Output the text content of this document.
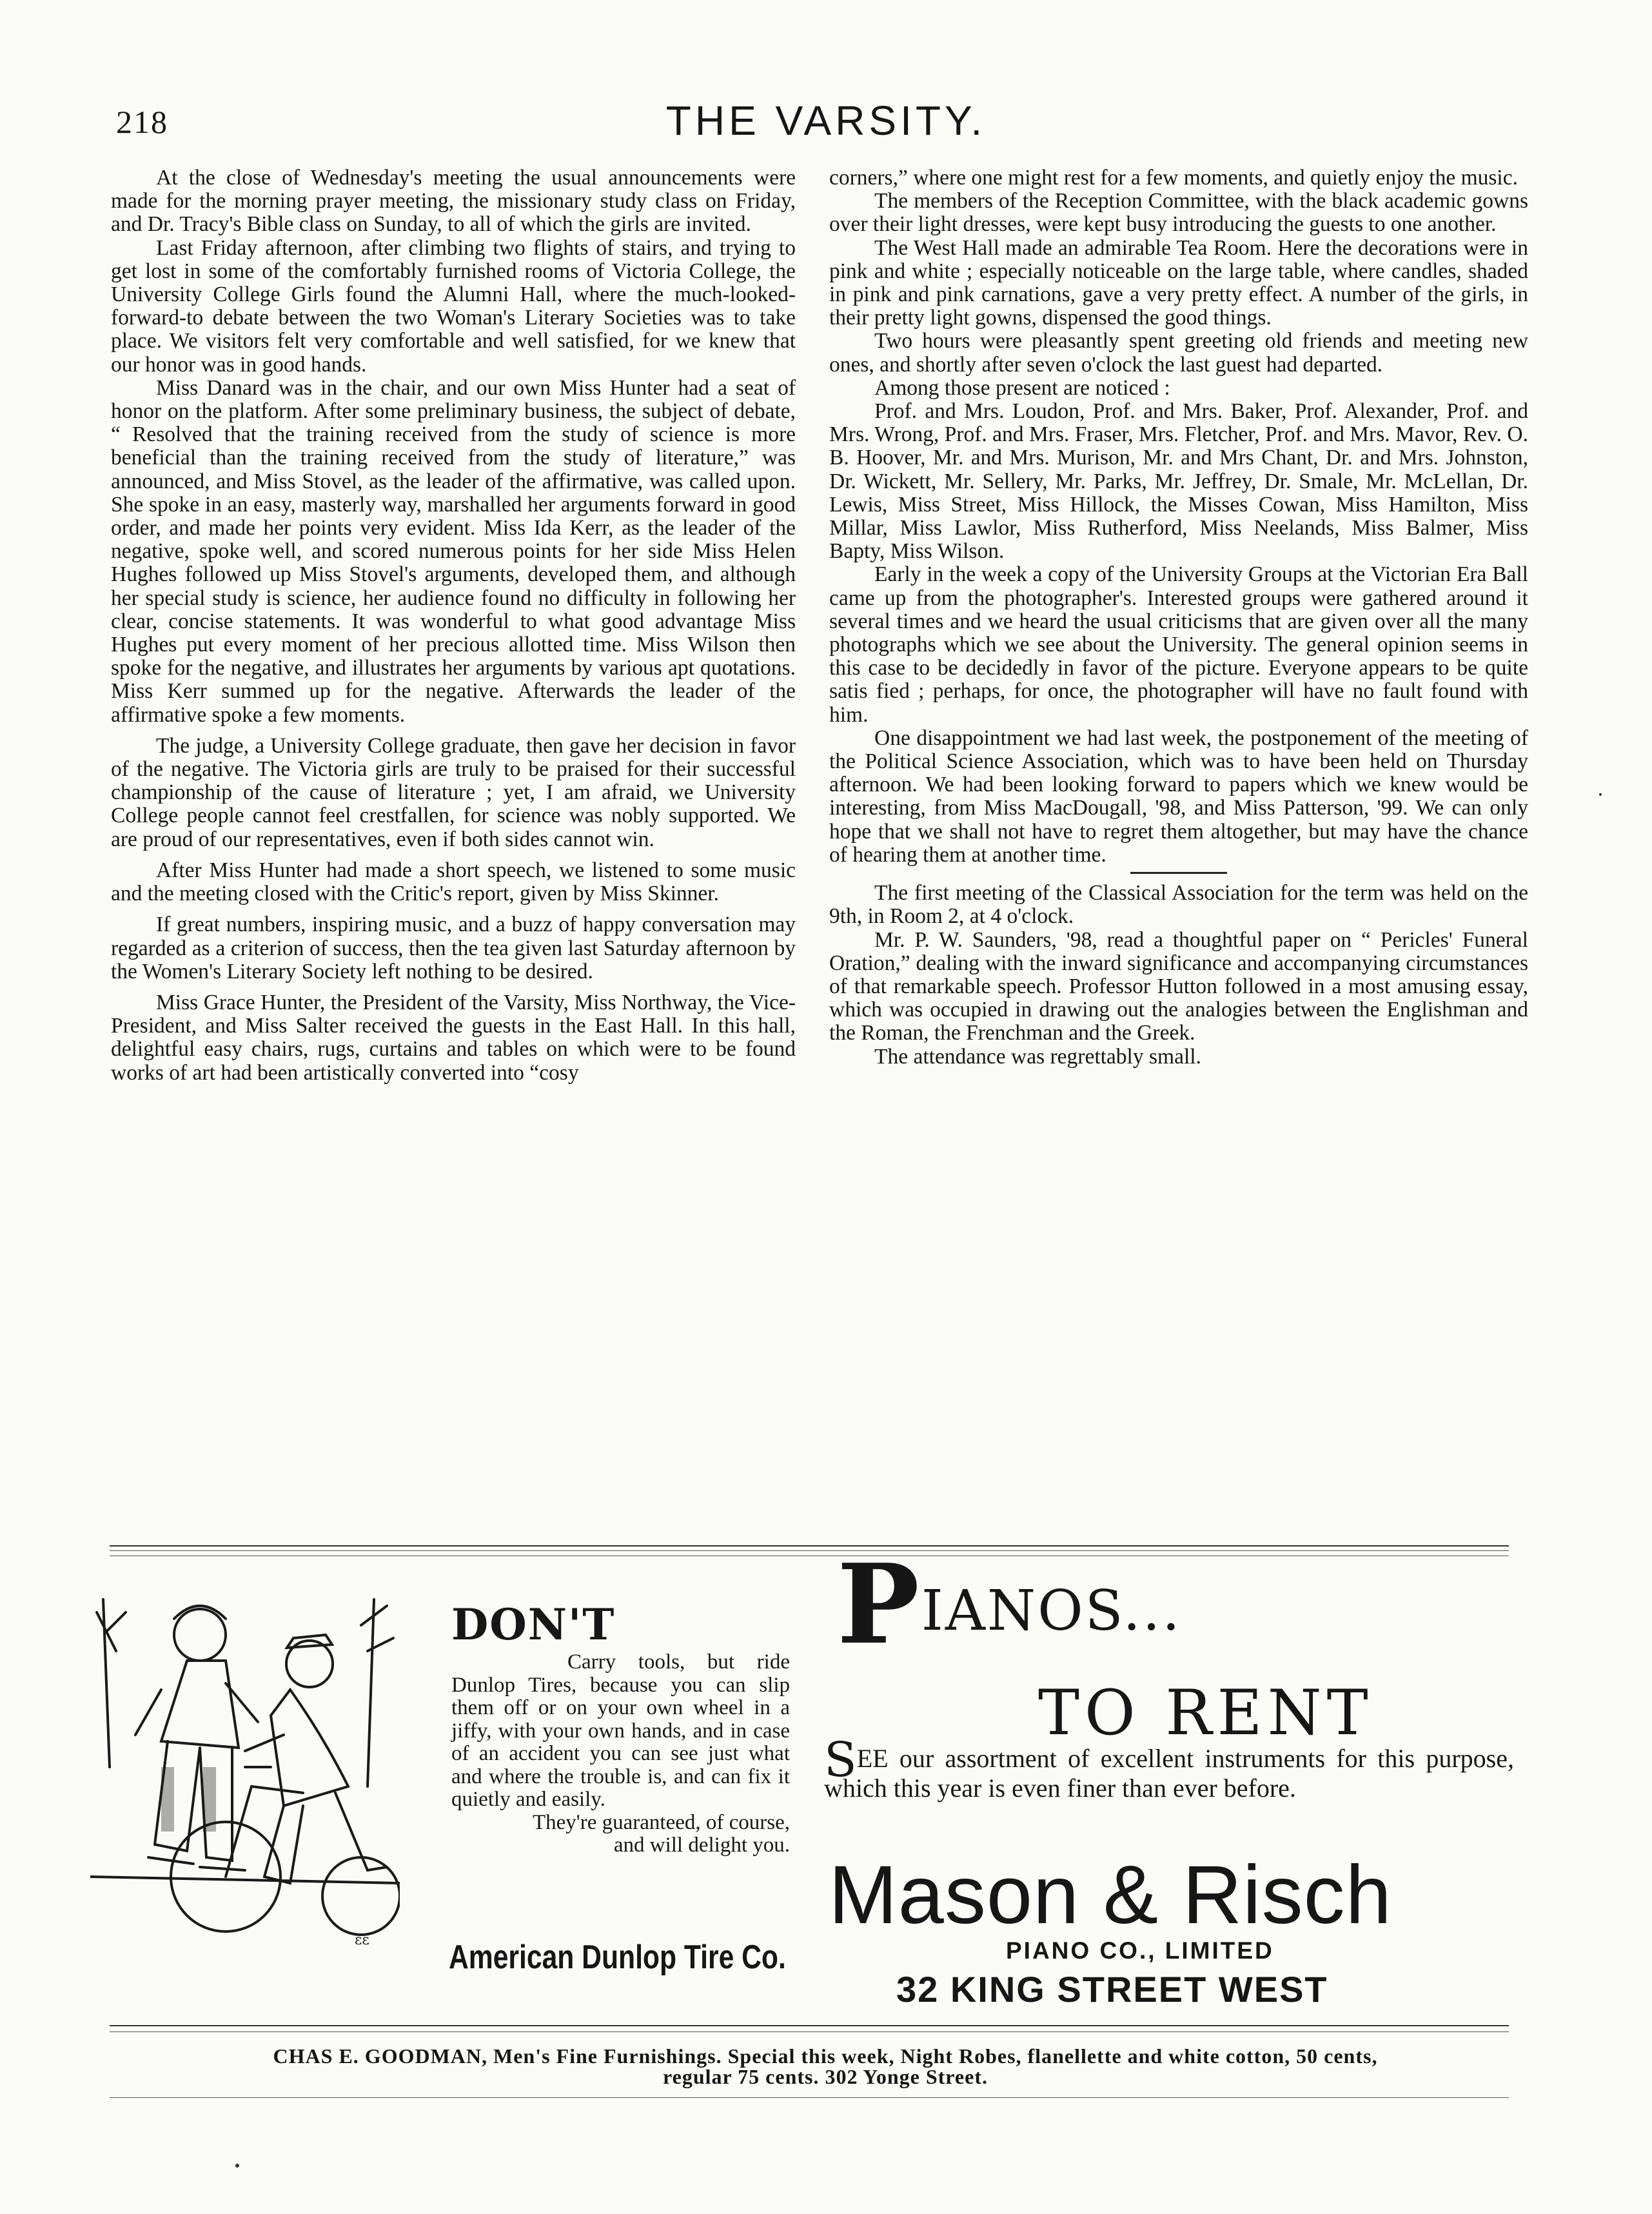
218	THE VARSITY.

At the close of Wednesday's meeting the usual announcements were made for the morning prayer meeting, the missionary study class on Friday, and Dr. Tracy's Bible class on Sunday, to all of which the girls are invited.

Last Friday afternoon, after climbing two flights of stairs, and trying to get lost in some of the comfortably furnished rooms of Victoria College, the University College Girls found the Alumni Hall, where the much-looked-forward-to debate between the two Woman's Literary Societies was to take place. We visitors felt very comfortable and well satisfied, for we knew that our honor was in good hands.

Miss Danard was in the chair, and our own Miss Hunter had a seat of honor on the platform. After some preliminary business, the subject of debate, “ Resolved that the training received from the study of science is more beneficial than the training received from the study of literature,” was announced, and Miss Stovel, as the leader of the affirmative, was called upon. She spoke in an easy, masterly way, marshalled her arguments forward in good order, and made her points very evident. Miss Ida Kerr, as the leader of the negative, spoke well, and scored numerous points for her side Miss Helen Hughes followed up Miss Stovel's arguments, developed them, and although her special study is science, her audience found no difficulty in following her clear, concise statements. It was wonderful to what good advantage Miss Hughes put every moment of her precious allotted time. Miss Wilson then spoke for the negative, and illustrates her arguments by various apt quotations. Miss Kerr summed up for the negative. Afterwards the leader of the affirmative spoke a few moments.

The judge, a University College graduate, then gave her decision in favor of the negative. The Victoria girls are truly to be praised for their successful championship of the cause of literature ; yet, I am afraid, we University College people cannot feel crestfallen, for science was nobly supported. We are proud of our representatives, even if both sides cannot win.

After Miss Hunter had made a short speech, we listened to some music and the meeting closed with the Critic's report, given by Miss Skinner.

If great numbers, inspiring music, and a buzz of happy conversation may regarded as a criterion of success, then the tea given last Saturday afternoon by the Women's Literary Society left nothing to be desired.

Miss Grace Hunter, the President of the Varsity, Miss Northway, the Vice-President, and Miss Salter received the guests in the East Hall. In this hall, delightful easy chairs, rugs, curtains and tables on which were to be found works of art had been artistically converted into “cosy

corners,” where one might rest for a few moments, and quietly enjoy the music.

The members of the Reception Committee, with the black academic gowns over their light dresses, were kept busy introducing the guests to one another.

The West Hall made an admirable Tea Room. Here the decorations were in pink and white ; especially noticeable on the large table, where candles, shaded in pink and pink carnations, gave a very pretty effect. A number of the girls, in their pretty light gowns, dispensed the good things.

Two hours were pleasantly spent greeting old friends and meeting new ones, and shortly after seven o'clock the last guest had departed.

Among those present are noticed :

Prof. and Mrs. Loudon, Prof. and Mrs. Baker, Prof. Alexander, Prof. and Mrs. Wrong, Prof. and Mrs. Fraser, Mrs. Fletcher, Prof. and Mrs. Mavor, Rev. O. B. Hoover, Mr. and Mrs. Murison, Mr. and Mrs Chant, Dr. and Mrs. Johnston, Dr. Wickett, Mr. Sellery, Mr. Parks, Mr. Jeffrey, Dr. Smale, Mr. McLellan, Dr. Lewis, Miss Street, Miss Hillock, the Misses Cowan, Miss Hamilton, Miss Millar, Miss Lawlor, Miss Rutherford, Miss Neelands, Miss Balmer, Miss Bapty, Miss Wilson.

Early in the week a copy of the University Groups at the Victorian Era Ball came up from the photographer's. Interested groups were gathered around it several times and we heard the usual criticisms that are given over all the many photographs which we see about the University. The general opinion seems in this case to be decidedly in favor of the picture. Everyone appears to be quite satis fied ; perhaps, for once, the photographer will have no fault found with him.

One disappointment we had last week, the postponement of the meeting of the Political Science Association, which was to have been held on Thursday afternoon. We had been looking forward to papers which we knew would be interesting, from Miss MacDougall, '98, and Miss Patterson, '99. We can only hope that we shall not have to regret them altogether, but may have the chance of hearing them at another time.

The first meeting of the Classical Association for the term was held on the 9th, in Room 2, at 4 o'clock.

Mr. P. W. Saunders, '98, read a thoughtful paper on “ Pericles' Funeral Oration,” dealing with the inward significance and accompanying circumstances of that remarkable speech. Professor Hutton followed in a most amusing essay, which was occupied in drawing out the analogies between the Englishman and the Roman, the Frenchman and the Greek.

The attendance was regrettably small.

εε
DON'T

Carry tools, but ride Dunlop Tires, because you can slip them off or on your own wheel in a jiffy, with your own hands, and in case of an accident you can see just what and where the trouble is, and can fix it quietly and easily.

They're guaranteed, of course, and will delight you.

American Dunlop Tire Co.
PIANOS...
TO RENT
SEE our assortment of excellent instruments for this purpose, which this year is even finer than ever before.
Mason & Risch
PIANO CO., LIMITED
32 KING STREET WEST
CHAS E. GOODMAN, Men's Fine Furnishings. Special this week, Night Robes, flanellette and white cotton, 50 cents,
regular 75 cents. 302 Yonge Street.
